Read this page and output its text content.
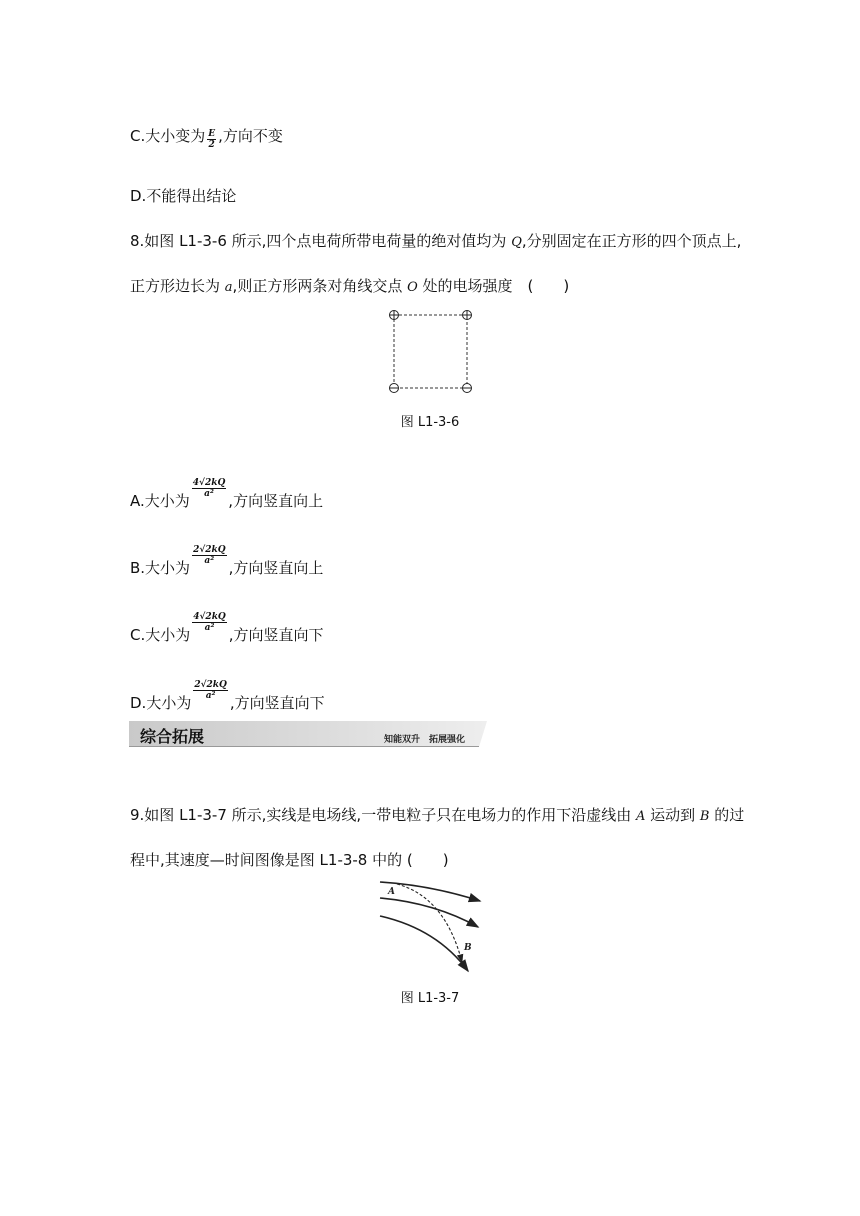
C.大小变为 $\frac{E}{2}$ ,方向不变
D.不能得出结论
8.如图 L1-3-6 所示,四个点电荷所带电荷量的绝对值均为 Q,分别固定在正方形的四个顶点上,
正方形边长为 a,则正方形两条对角线交点 O 处的电场强度　(　　)
图 L1-3-6
A.大小为
$\frac{4√2kQ}{\text{a²}}$
,方向竖直向上
B.大小为
$\frac{2√2kQ}{\text{a²}}$
,方向竖直向上
C.大小为
$\frac{4√2kQ}{\text{a²}}$
,方向竖直向下
D.大小为
$\frac{2√2kQ}{\text{a²}}$
,方向竖直向下
综合拓展	知能双升　拓展强化
9.如图 L1-3-7 所示,实线是电场线,一带电粒子只在电场力的作用下沿虚线由 A 运动到 B 的过
程中,其速度—时间图像是图 L1-3-8 中的 (　　)
A
B
图 L1-3-7
